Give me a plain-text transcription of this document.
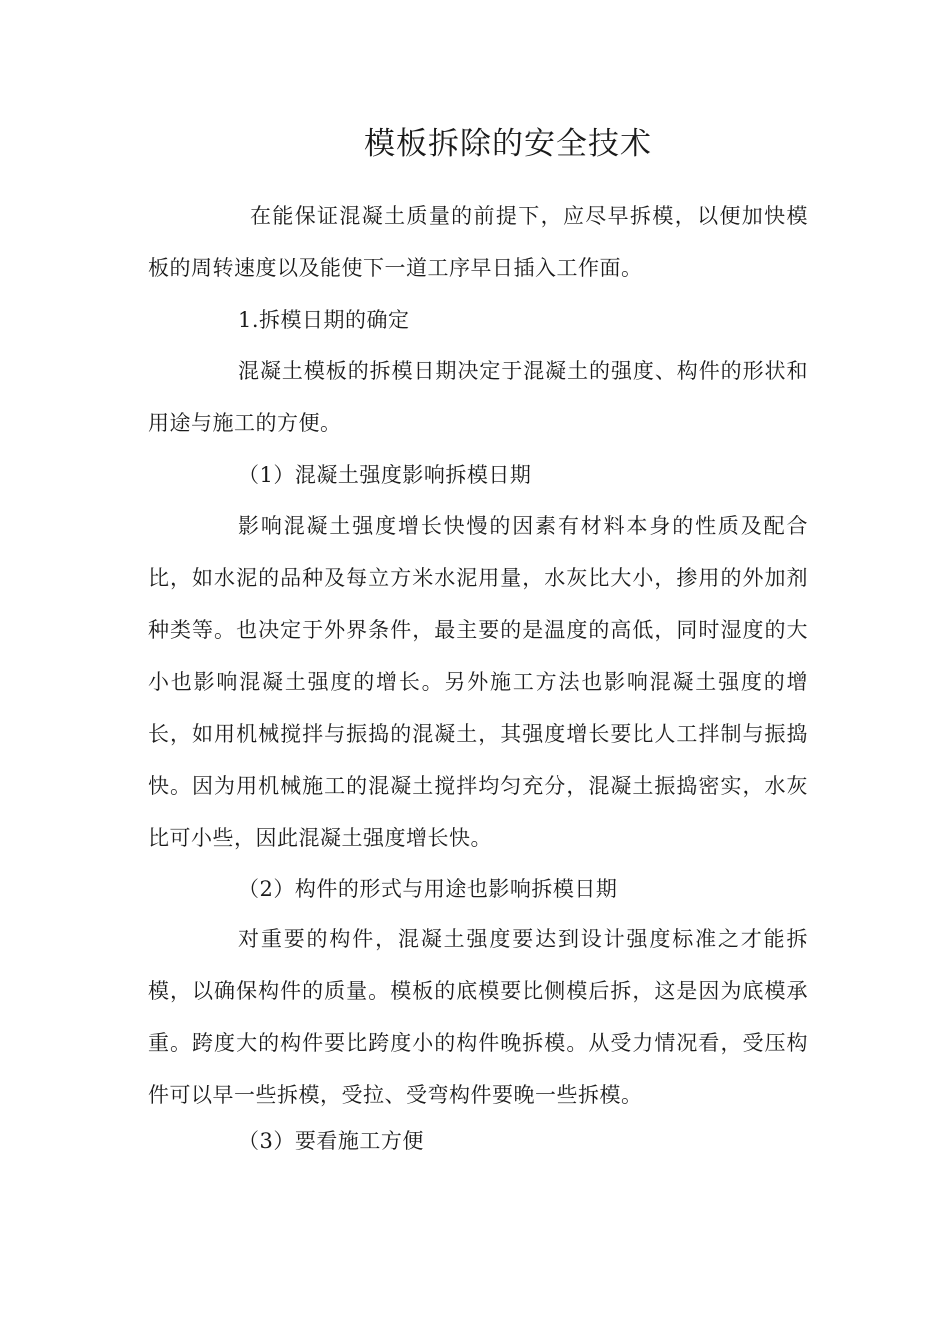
模板拆除的安全技术

在能保证混凝土质量的前提下，应尽早拆模，以便加快模板的周转速度以及能使下一道工序早日插入工作面。

1.拆模日期的确定

混凝土模板的拆模日期决定于混凝土的强度、构件的形状和用途与施工的方便。

（1）混凝土强度影响拆模日期

影响混凝土强度增长快慢的因素有材料本身的性质及配合比，如水泥的品种及每立方米水泥用量，水灰比大小，掺用的外加剂种类等。也决定于外界条件，最主要的是温度的高低，同时湿度的大小也影响混凝土强度的增长。另外施工方法也影响混凝土强度的增长，如用机械搅拌与振捣的混凝土，其强度增长要比人工拌制与振捣快。因为用机械施工的混凝土搅拌均匀充分，混凝土振捣密实，水灰比可小些，因此混凝土强度增长快。

（2）构件的形式与用途也影响拆模日期

对重要的构件，混凝土强度要达到设计强度标准之才能拆模，以确保构件的质量。模板的底模要比侧模后拆，这是因为底模承重。跨度大的构件要比跨度小的构件晚拆模。从受力情况看，受压构件可以早一些拆模，受拉、受弯构件要晚一些拆模。

（3）要看施工方便
